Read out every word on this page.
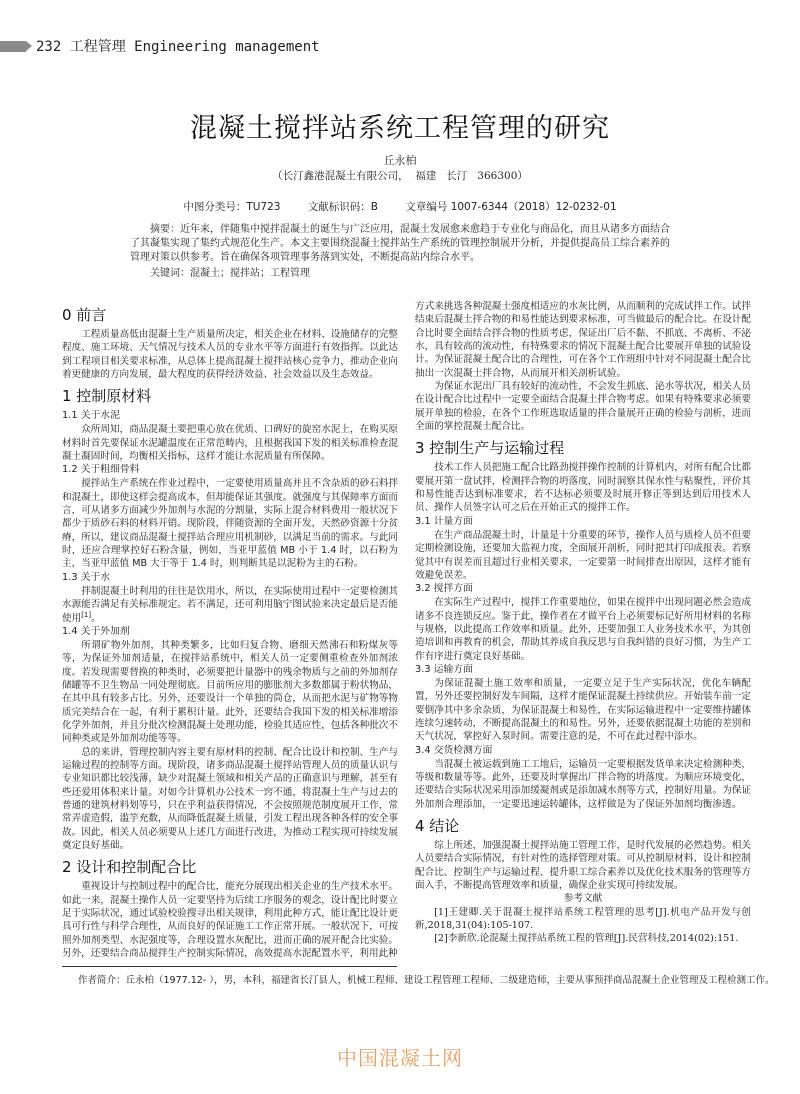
232 工程管理 Engineering management
混凝土搅拌站系统工程管理的研究
丘永柏
（长汀鑫港混凝土有限公司，  福建   长汀   366300）
中图分类号：TU723	文献标识码：B	文章编号 1007-6344（2018）12-0232-01
摘要：近年来，伴随集中搅拌混凝土的诞生与广泛应用，混凝土发展愈来愈趋于专业化与商品化，而且从诸多方面结合了其凝集实现了集约式规范化生产。本文主要围绕混凝土搅拌站生产系统的管理控制展开分析，并提供提高员工综合素养的管理对策以供参考。旨在确保各项管理事务落到实处，不断提高站内综合水平。
关键词：混凝土；搅拌站；工程管理
0 前言

工程质量高低由混凝土生产质量所决定，相关企业在材料、设施储存的完整程度、施工环境、天气情况与技术人员的专业水平等方面进行有效指挥。以此达到工程项目相关要求标准，从总体上提高混凝土搅拌站核心竞争力，推动企业向着更健康的方向发展，最大程度的获得经济效益、社会效益以及生态效益。

1 控制原材料
1.1 关于水泥

众所周知，商品混凝土要把重心放在优质、口碑好的旋窑水泥上，在购买原材料时首先要保证水泥罐温度在正常范畴内，且根据我国下发的相关标准检查混凝土凝固时间，均衡相关指标，这样才能让水泥质量有所保障。

1.2 关于粗细骨料

搅拌站生产系统在作业过程中，一定要使用质量高并且不含杂质的砂石料拌和混凝土，即使这样会提高成本，但却能保证其强度。就强度与其保障率方面而言，可从诸多方面减少外加剂与水泥的分割量，实际上混合材料费用一般状况下都少于质砂石料的材料开销。现阶段，伴随资源的全面开发，天然砂资源十分贫瘠，所以，建议商品混凝土搅拌站合理应用机制砂，以满足当前的需求。与此同时，还应合理掌控好石粉含量，例如，当亚甲蓝值 MB 小于 1.4 时，以石粉为主，当亚甲蓝值 MB 大于等于 1.4 时，则判断其是以泥粉为主的石粉。

1.3 关于水

拌制混凝土时利用的往往是饮用水，所以，在实际使用过程中一定要检测其水源能否满足有关标准规定。若不满足，还可利用脑宁图试验来决定最后是否能使用[1]。

1.4 关于外加剂

所谓矿物外加剂，其种类繁多，比如归复合物、磨细天然沸石和粉煤灰等等，为保证外加剂适量，在搅拌站系统中，相关人员一定要侧重检查外加剂浓度。若发现需要替换的种类时，必须要把计量器中的残余物质与之前的外加剂存储罐等不卫生物品一同处理彻底。目前所应用的膨胀剂大多数都属于粉状物品，在其中具有较多占比。另外，还要设计一个单独的筒仓，从而把水泥与矿物等物质完美结合在一起，有利于累积计量。此外，还要结合我国下发的相关标准增添化学外加剂，并且分批次检测混凝土处理功能，检验其适应性，包括各种批次不同种类或是外加剂功能等等。

总的来讲，管理控制内容主要有原材料的控制、配合比设计和控制、生产与运输过程的控制等方面。现阶段，诸多商品混凝土搅拌站管理人员的质量认识与专业知识都比较浅薄，缺少对混凝土领域和相关产品的正确意识与理解，甚至有些还爱用体积来计量。对如今计算机办公技术一窍不通，将混凝土生产与过去的普通的建筑材料划等号，只在乎利益获得情况，不会按照规范制度展开工作，常常弄虚造假，滥竽充数，从而降低混凝土质量，引发工程出现各种各样的安全事故。因此，相关人员必须要从上述几方面进行改进，为推动工程实现可持续发展奠定良好基础。

2 设计和控制配合比

重视设计与控制过程中的配合比，能充分展现出相关企业的生产技术水平。如此一来，混凝土操作人员一定要坚持为后续工序服务的观念，设计配比时要立足于实际状况，通过试验校验搜寻出相关规律，利用此种方式，能让配比设计更具可行性与科学合理性，从而良好的保证施工工作正常开展。一般状况下，可按照外加剂类型、水泥强度等，合理设置水灰配比，进而正确的展开配合比实验。另外，还要结合商品搅拌生产控制实际情况，高效提高水泥配置水平，利用此种

方式来挑选各种混凝土强度相适应的水灰比例，从而顺利的完成试拌工作。试拌结束后混凝土拌合物的和易性能达到要求标准，可当做最后的配合比。在设计配合比时要全面结合拌合物的性质考虑，保证出厂后不黏、不抓底、不离析、不泌水，具有较高的流动性，有特殊要求的情况下混凝土配合比要展开单独的试验设计。为保证混凝土配合比的合理性，可在各个工作班组中针对不同混凝土配合比抽出一次混凝土拌合物，从而展开相关剖析试验。

为保证水泥出厂具有较好的流动性，不会发生抓底、泌水等状况，相关人员在设计配合比过程中一定要全面结合混凝土拌合物考虑。如果有特殊要求必须要展开单独的检验，在各个工作班选取适量的拌合量展开正确的检验与剖析，进而全面的掌控混凝土配合比。

3 控制生产与运输过程

技术工作人员把施工配合比路劲搅拌操作控制的计算机内，对所有配合比都要展开第一盘试拌，检测拌合物的坍落度，同时洞察其保水性与粘聚性，评价其和易性能否达到标准要求，若不达标必须要及时展开修正等到达到后用技术人员、操作人员签字认可之后在开始正式的搅拌工作。

3.1 计量方面

在生产商品混凝土时，计量是十分重要的环节，操作人员与质检人员不但要定期检测设施，还要加大监视力度，全面展开剖析，同时把其打印成报表。若察觉其中有误差而且超过行业相关要求，一定要第一时间排查出原因，这样才能有效避免误差。

3.2 搅拌方面

在实际生产过程中，搅拌工作重要地位，如果在搅拌中出现问题必然会造成诸多不良连锁反应。鉴于此，操作者在才做平台上必须要标记好所用材料的名称与规格，以此提高工作效率和质量。此外，还要加强工人业务技术水平，为其创造培训和再教育的机会，帮助其养成自我反思与自我纠错的良好习惯，为生产工作有序进行奠定良好基础。

3.3 运输方面

为保证混凝土施工效率和质量，一定要立足于生产实际状况，优化车辆配置，另外还要控制好发车间隔，这样才能保证混凝土持续供应。开始装车前一定要倒净其中多余杂质，为保证混凝土和易性，在实际运输进程中一定要维持罐体连续匀速转动，不断提高混凝土的和易性。另外，还要依据混凝土功能的差别和天气状况，掌控好入泵时间。需要注意的是，不可在此过程中添水。

3.4 交货检测方面

当混凝土被运载到施工工地后，运输员一定要根据发货单来决定检测种类，等级和数量等等。此外，还要及时掌握出厂拌合物的坍落度。为顺应环境变化，还要结合实际状况采用添加缓凝剂或是添加减水剂等方式，控制好用量。为保证外加剂合理添加，一定要迅速运转罐体，这样做是为了保证外加剂均衡渗透。

4 结论

综上所述，加强混凝土搅拌站施工管理工作，是时代发展的必然趋势。相关人员要结合实际情况，有针对性的选择管理对策。可从控制原材料、设计和控制配合比、控制生产与运输过程、提升职工综合素养以及优化技术服务的管理等方面入手，不断提高管理效率和质量，确保企业实现可持续发展。

参考文献
[1]王建卿.关于混凝土搅拌站系统工程管理的思考[J].机电产品开发与创新,2018,31(04):105-107.
[2]李新欣.论混凝土搅拌站系统工程的管理[J].民营科技,2014(02):151.
作者简介：丘永柏（1977.12- ），男，本科，福建省长汀县人，机械工程师、建设工程管理工程师、二级建造师，主要从事预拌商品混凝土企业管理及工程检测工作。
中国混凝土网
